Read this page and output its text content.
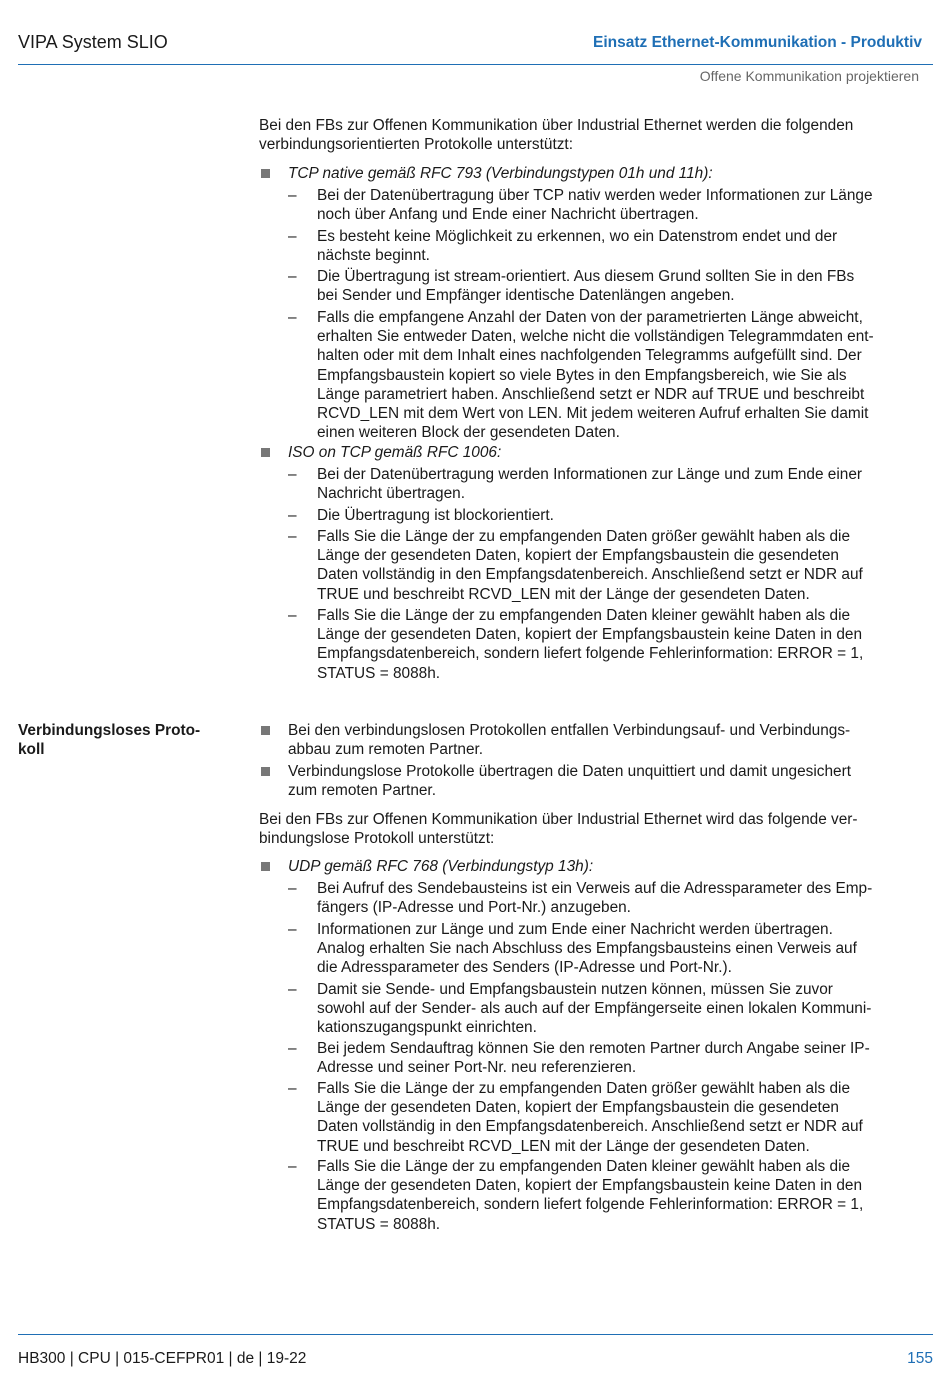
VIPA System SLIO	Einsatz Ethernet-Kommunikation - Produktiv
Offene Kommunikation projektieren
Bei den FBs zur Offenen Kommunikation über Industrial Ethernet werden die folgenden
verbindungsorientierten Protokolle unterstützt:
TCP native gemäß RFC 793 (Verbindungstypen 01h und 11h):
– Bei der Datenübertragung über TCP nativ werden weder Informationen zur Länge
noch über Anfang und Ende einer Nachricht übertragen.
– Es besteht keine Möglichkeit zu erkennen, wo ein Datenstrom endet und der
nächste beginnt.
– Die Übertragung ist stream-orientiert. Aus diesem Grund sollten Sie in den FBs
bei Sender und Empfänger identische Datenlängen angeben.
– Falls die empfangene Anzahl der Daten von der parametrierten Länge abweicht,
erhalten Sie entweder Daten, welche nicht die vollständigen Telegrammdaten ent-
halten oder mit dem Inhalt eines nachfolgenden Telegramms aufgefüllt sind. Der
Empfangsbaustein kopiert so viele Bytes in den Empfangsbereich, wie Sie als
Länge parametriert haben. Anschließend setzt er NDR auf TRUE und beschreibt
RCVD_LEN mit dem Wert von LEN. Mit jedem weiteren Aufruf erhalten Sie damit
einen weiteren Block der gesendeten Daten.
ISO on TCP gemäß RFC 1006:
– Bei der Datenübertragung werden Informationen zur Länge und zum Ende einer
Nachricht übertragen.
– Die Übertragung ist blockorientiert.
– Falls Sie die Länge der zu empfangenden Daten größer gewählt haben als die
Länge der gesendeten Daten, kopiert der Empfangsbaustein die gesendeten
Daten vollständig in den Empfangsdatenbereich. Anschließend setzt er NDR auf
TRUE und beschreibt RCVD_LEN mit der Länge der gesendeten Daten.
– Falls Sie die Länge der zu empfangenden Daten kleiner gewählt haben als die
Länge der gesendeten Daten, kopiert der Empfangsbaustein keine Daten in den
Empfangsdatenbereich, sondern liefert folgende Fehlerinformation: ERROR = 1,
STATUS = 8088h.
Verbindungsloses Proto-
koll
Bei den verbindungslosen Protokollen entfallen Verbindungsauf- und Verbindungs-
abbau zum remoten Partner.
Verbindungslose Protokolle übertragen die Daten unquittiert und damit ungesichert
zum remoten Partner.
Bei den FBs zur Offenen Kommunikation über Industrial Ethernet wird das folgende ver-
bindungslose Protokoll unterstützt:
UDP gemäß RFC 768 (Verbindungstyp 13h):
– Bei Aufruf des Sendebausteins ist ein Verweis auf die Adressparameter des Emp-
fängers (IP-Adresse und Port-Nr.) anzugeben.
– Informationen zur Länge und zum Ende einer Nachricht werden übertragen.
Analog erhalten Sie nach Abschluss des Empfangsbausteins einen Verweis auf
die Adressparameter des Senders (IP-Adresse und Port-Nr.).
– Damit sie Sende- und Empfangsbaustein nutzen können, müssen Sie zuvor
sowohl auf der Sender- als auch auf der Empfängerseite einen lokalen Kommuni-
kationszugangspunkt einrichten.
– Bei jedem Sendauftrag können Sie den remoten Partner durch Angabe seiner IP-
Adresse und seiner Port-Nr. neu referenzieren.
– Falls Sie die Länge der zu empfangenden Daten größer gewählt haben als die
Länge der gesendeten Daten, kopiert der Empfangsbaustein die gesendeten
Daten vollständig in den Empfangsdatenbereich. Anschließend setzt er NDR auf
TRUE und beschreibt RCVD_LEN mit der Länge der gesendeten Daten.
– Falls Sie die Länge der zu empfangenden Daten kleiner gewählt haben als die
Länge der gesendeten Daten, kopiert der Empfangsbaustein keine Daten in den
Empfangsdatenbereich, sondern liefert folgende Fehlerinformation: ERROR = 1,
STATUS = 8088h.
HB300 | CPU | 015-CEFPR01 | de | 19-22	155
